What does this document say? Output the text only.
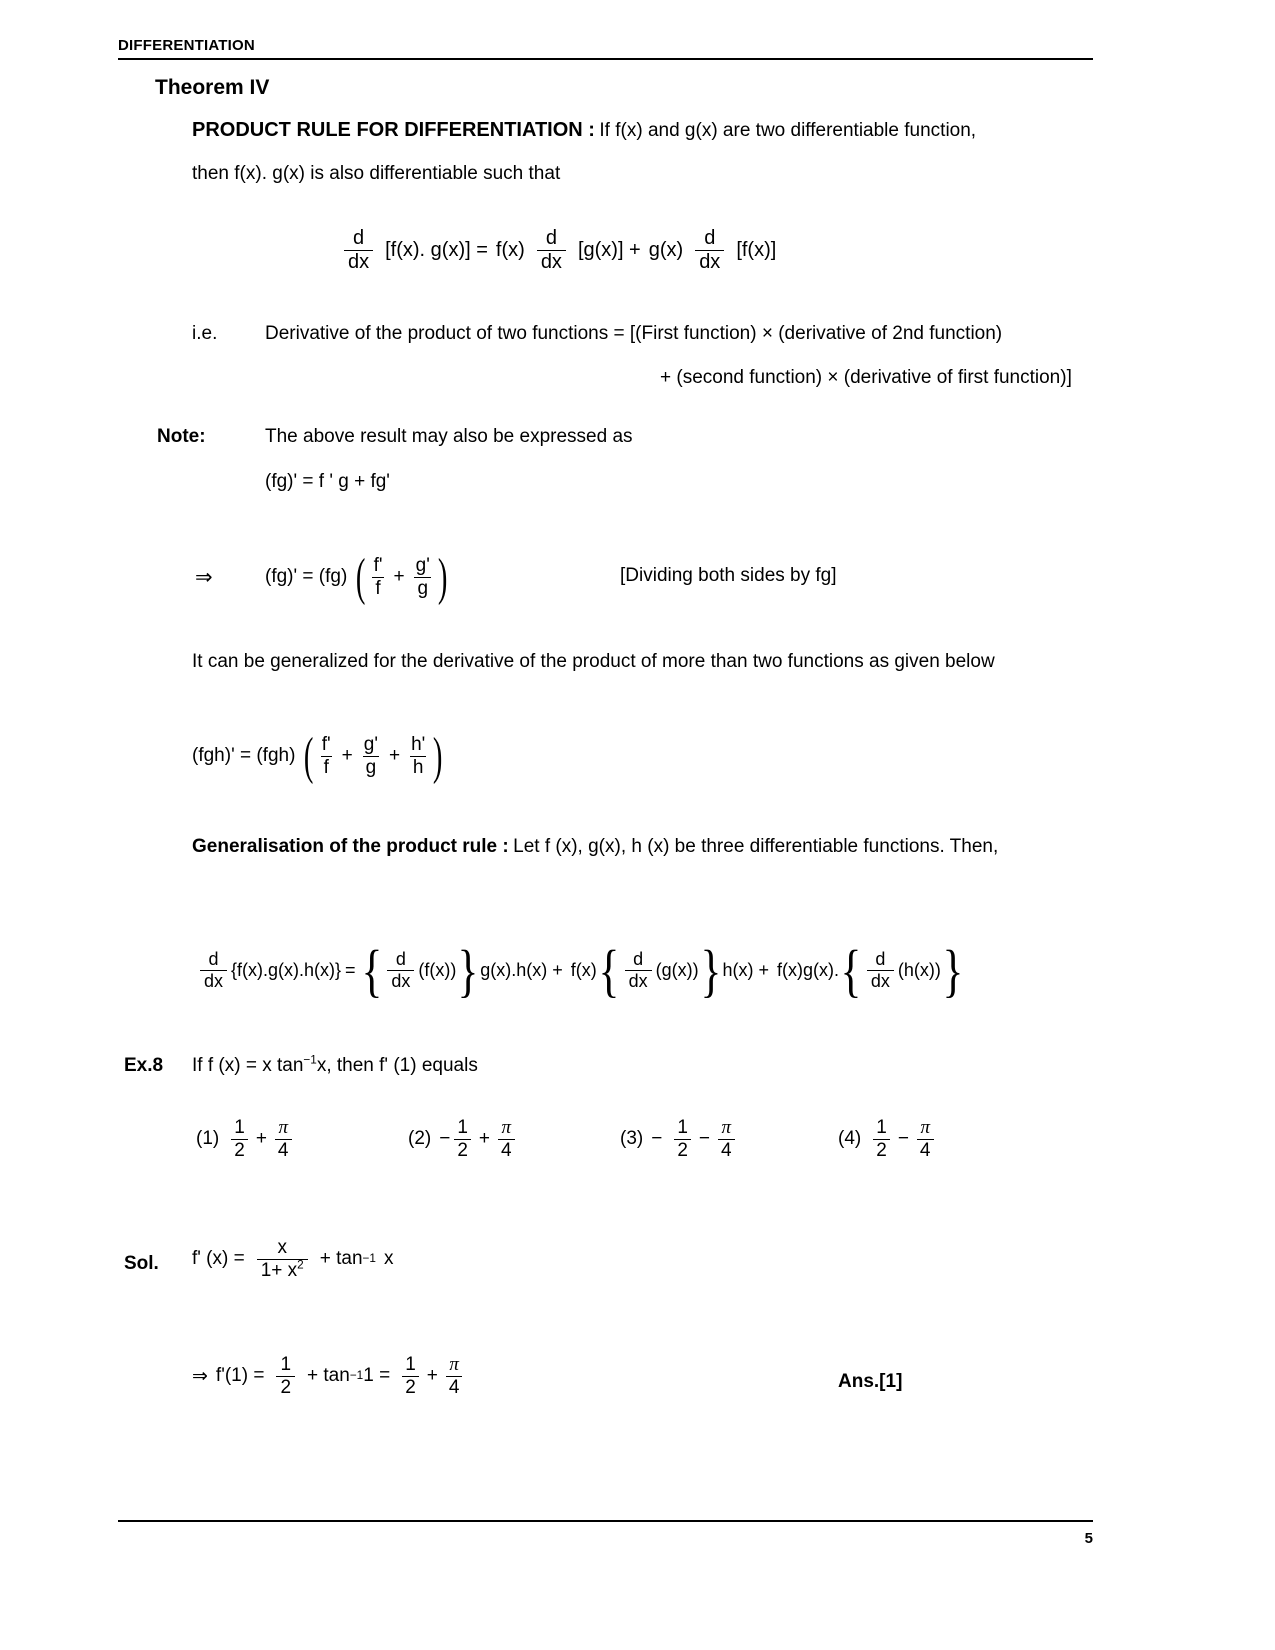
DIFFERENTIATION
Theorem IV
PRODUCT RULE FOR DIFFERENTIATION : If f(x) and g(x) are two differentiable function,
then f(x). g(x) is also differentiable such that
$\frac{d}{dx} [f(x)$. $g(x)] = f(x) \frac{d}{dx} [g(x)] + g(x) \frac{d}{dx} [f(x)]$
i.e.	Derivative of the product of two functions = [(First function) × (derivative of 2nd function)
+ (second function) × (derivative of first function)]
Note:	The above result may also be expressed as
(fg)' = f ' g + fg'
⇒	(fg)' = (fg) ( $\frac{f'}{f} + \frac{g'}{g}$ )	[Dividing both sides by fg]
It can be generalized for the derivative of the product of more than two functions as given below
(fgh)' = (fgh) ( $\frac{f'}{f} + \frac{g'}{g} + \frac{h'}{h}$ )
Generalisation of the product rule : Let f (x), g(x), h (x) be three differentiable functions. Then,
$\frac{d}{dx} \{f(x).g(x).h(x)\}$ = { $\frac{d}{dx} (f(x))$ } g(x).h(x) + f(x) { $\frac{d}{dx} (g(x))$ } h(x) + f(x)g(x). { $\frac{d}{dx} (h(x))$ }
Ex.8 If f (x) = x $\tan^{-1}x$, then f' (1) equals
$(1) \frac{1}{2} + \frac{\pi}{4}$	$(2) - \frac{1}{2} + \frac{\pi}{4}$	$(3) - \frac{1}{2} - \frac{\pi}{4}$	$(4) \frac{1}{2} - \frac{\pi}{4}$
Sol. f' $(x) = \frac{x}{1+ x^2} + \tan -1$ x
⇒ $f'(1) = \frac{1}{2} + \tan -1$ $1 = \frac{1}{2} + \frac{\pi}{4}$	Ans.[1]
5
